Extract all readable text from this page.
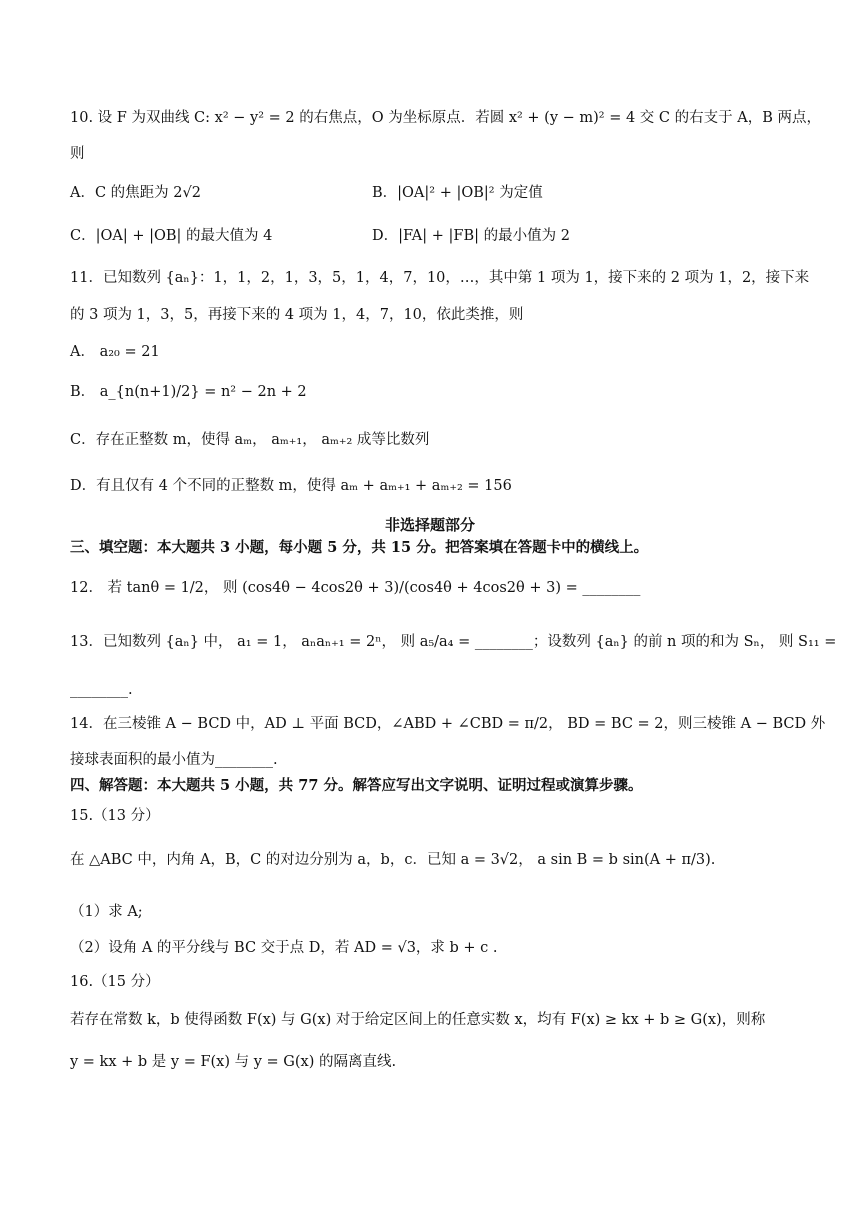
10. 设 F 为双曲线 C: x² − y² = 2 的右焦点，O 为坐标原点．若圆 x² + (y − m)² = 4 交 C 的右支于 A，B 两点，
则
A．C 的焦距为 2√2	B．|OA|² + |OB|² 为定值
C．|OA| + |OB| 的最大值为 4	D．|FA| + |FB| 的最小值为 2
11．已知数列 {aₙ}：1，1，2，1，3，5，1，4，7，10，…，其中第 1 项为 1，接下来的 2 项为 1，2，接下来
的 3 项为 1，3，5，再接下来的 4 项为 1，4，7，10，依此类推，则
A． a₂₀ = 21
B． a_{n(n+1)/2} = n² − 2n + 2
C．存在正整数 m，使得 aₘ， aₘ₊₁， aₘ₊₂ 成等比数列
D．有且仅有 4 个不同的正整数 m，使得 aₘ + aₘ₊₁ + aₘ₊₂ = 156
非选择题部分
三、填空题：本大题共 3 小题，每小题 5 分，共 15 分。把答案填在答题卡中的横线上。
12． 若 tanθ = 1/2， 则 (cos4θ − 4cos2θ + 3)/(cos4θ + 4cos2θ + 3) = ________
13．已知数列 {aₙ} 中， a₁ = 1， aₙaₙ₊₁ = 2ⁿ， 则 a₅/a₄ = ________；设数列 {aₙ} 的前 n 项的和为 Sₙ， 则 S₁₁ =
________.
14．在三棱锥 A − BCD 中，AD ⊥ 平面 BCD，∠ABD + ∠CBD = π/2， BD = BC = 2，则三棱锥 A − BCD 外
接球表面积的最小值为________.
四、解答题：本大题共 5 小题，共 77 分。解答应写出文字说明、证明过程或演算步骤。
15.（13 分）
在 △ABC 中，内角 A，B，C 的对边分别为 a，b，c．已知 a = 3√2， a sin B = b sin(A + π/3).
（1）求 A;
（2）设角 A 的平分线与 BC 交于点 D，若 AD = √3，求 b + c .
16.（15 分）
若存在常数 k，b 使得函数 F(x) 与 G(x) 对于给定区间上的任意实数 x，均有 F(x) ≥ kx + b ≥ G(x)，则称
y = kx + b 是 y = F(x) 与 y = G(x) 的隔离直线.
